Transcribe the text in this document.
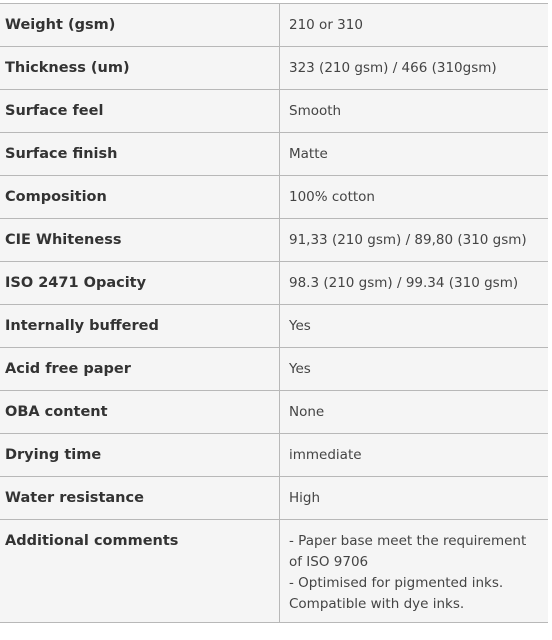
Weight (gsm)	210 or 310
Thickness (um)	323 (210 gsm) / 466 (310gsm)
Surface feel	Smooth
Surface finish	Matte
Composition	100% cotton
CIE Whiteness	91,33 (210 gsm) / 89,80 (310 gsm)
ISO 2471 Opacity	98.3 (210 gsm) / 99.34 (310 gsm)
Internally buffered	Yes
Acid free paper	Yes
OBA content	None
Drying time	immediate
Water resistance	High
Additional comments	- Paper base meet the requirement of ISO 9706
- Optimised for pigmented inks. Compatible with dye inks.
